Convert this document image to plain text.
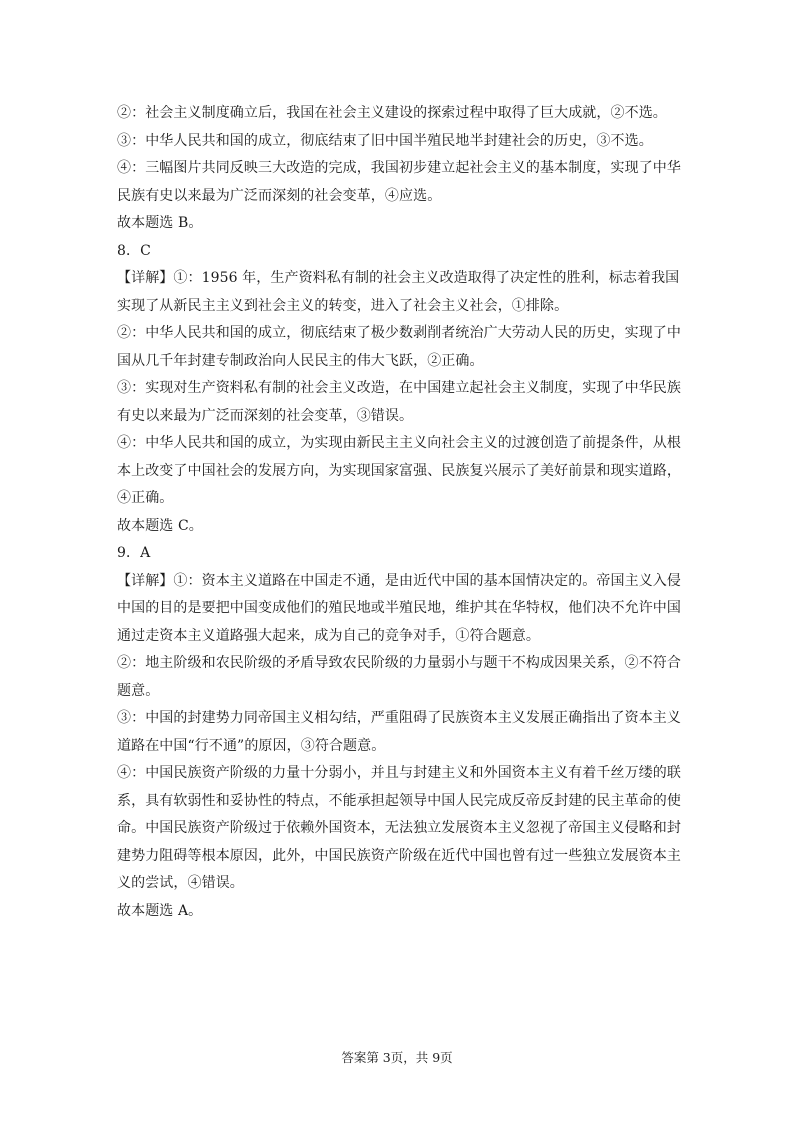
②：社会主义制度确立后，我国在社会主义建设的探索过程中取得了巨大成就，②不选。
③：中华人民共和国的成立，彻底结束了旧中国半殖民地半封建社会的历史，③不选。
④：三幅图片共同反映三大改造的完成，我国初步建立起社会主义的基本制度，实现了中华
民族有史以来最为广泛而深刻的社会变革，④应选。
故本题选 B。
8．C
【详解】①：1956 年，生产资料私有制的社会主义改造取得了决定性的胜利，标志着我国
实现了从新民主主义到社会主义的转变，进入了社会主义社会，①排除。
②：中华人民共和国的成立，彻底结束了极少数剥削者统治广大劳动人民的历史，实现了中
国从几千年封建专制政治向人民民主的伟大飞跃，②正确。
③：实现对生产资料私有制的社会主义改造，在中国建立起社会主义制度，实现了中华民族
有史以来最为广泛而深刻的社会变革，③错误。
④：中华人民共和国的成立，为实现由新民主主义向社会主义的过渡创造了前提条件，从根
本上改变了中国社会的发展方向，为实现国家富强、民族复兴展示了美好前景和现实道路，
④正确。
故本题选 C。
9．A
【详解】①：资本主义道路在中国走不通，是由近代中国的基本国情决定的。帝国主义入侵
中国的目的是要把中国变成他们的殖民地或半殖民地，维护其在华特权，他们决不允许中国
通过走资本主义道路强大起来，成为自己的竞争对手，①符合题意。
②：地主阶级和农民阶级的矛盾导致农民阶级的力量弱小与题干不构成因果关系，②不符合
题意。
③：中国的封建势力同帝国主义相勾结，严重阻碍了民族资本主义发展正确指出了资本主义
道路在中国“行不通”的原因，③符合题意。
④：中国民族资产阶级的力量十分弱小，并且与封建主义和外国资本主义有着千丝万缕的联
系，具有软弱性和妥协性的特点，不能承担起领导中国人民完成反帝反封建的民主革命的使
命。中国民族资产阶级过于依赖外国资本，无法独立发展资本主义忽视了帝国主义侵略和封
建势力阻碍等根本原因，此外，中国民族资产阶级在近代中国也曾有过一些独立发展资本主
义的尝试，④错误。
故本题选 A。
答案第 3页，共 9页
